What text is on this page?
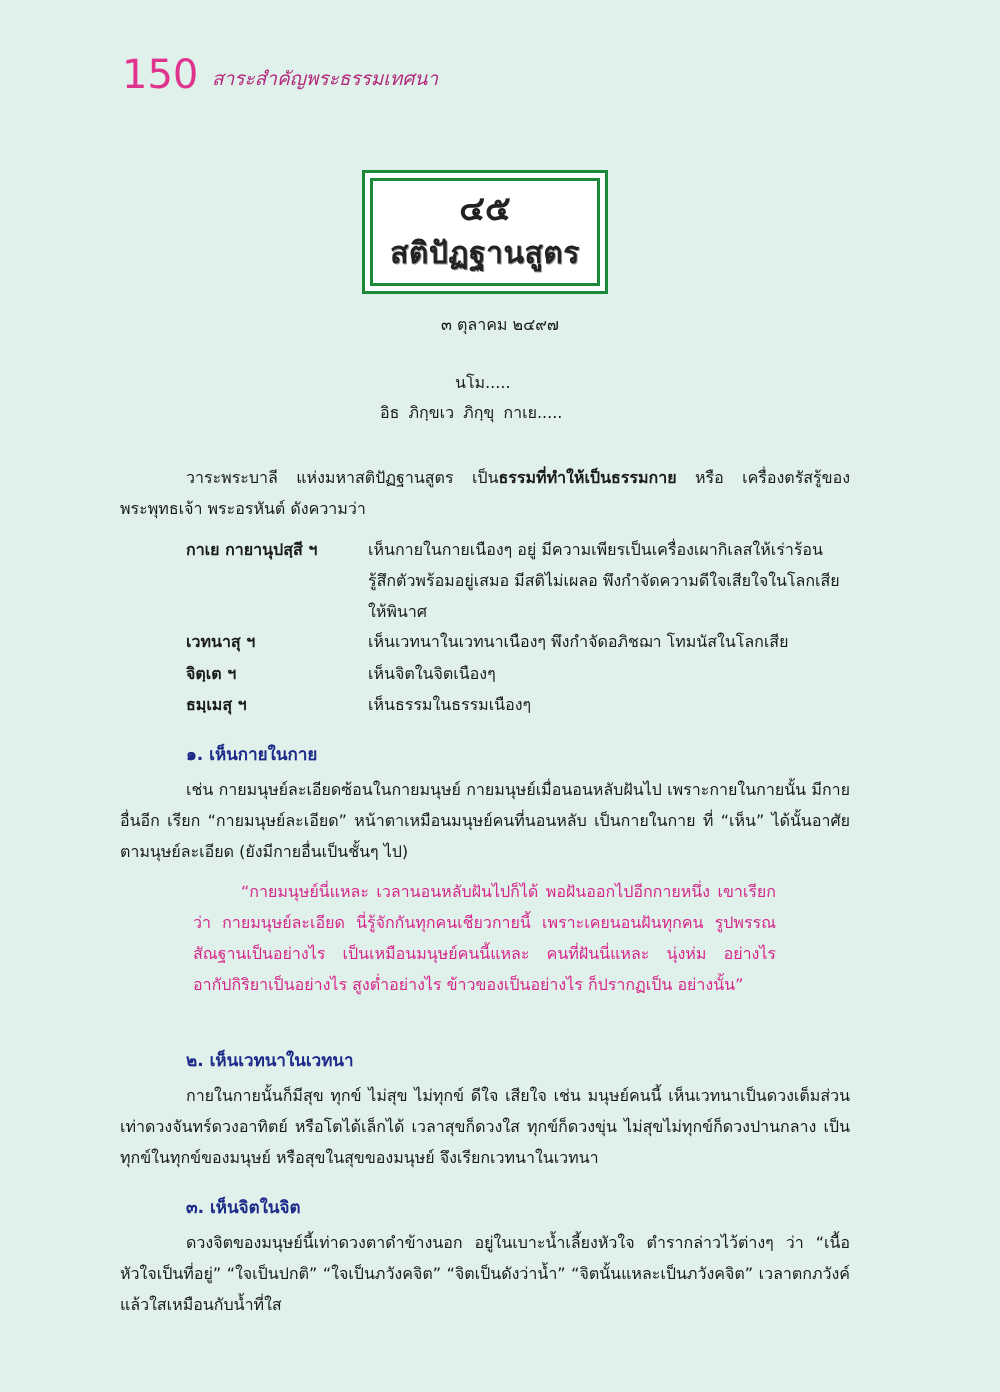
150 สาระสำคัญพระธรรมเทศนา
๔๕
สติปัฏฐานสูตร
๓ ตุลาคม ๒๔๙๗
นโม.....
อิธ ภิกฺขเว ภิกฺขุ กาเย.....
วาระพระบาลี แห่งมหาสติปัฏฐานสูตร เป็นธรรมที่ทำให้เป็นธรรมกาย หรือ เครื่องตรัสรู้ของพระพุทธเจ้า พระอรหันต์ ดังความว่า
กาเย กายานุปสฺสี ฯ	เห็นกายในกายเนืองๆ อยู่ มีความเพียรเป็นเครื่องเผากิเลสให้เร่าร้อน รู้สึกตัวพร้อมอยู่เสมอ มีสติไม่เผลอ พึงกำจัดความดีใจเสียใจในโลกเสียให้พินาศ
เวทนาสุ ฯ	เห็นเวทนาในเวทนาเนืองๆ พึงกำจัดอภิชฌา โทมนัสในโลกเสีย
จิตฺเต ฯ	เห็นจิตในจิตเนืองๆ
ธมฺเมสุ ฯ	เห็นธรรมในธรรมเนืองๆ
๑. เห็นกายในกาย
เช่น กายมนุษย์ละเอียดซ้อนในกายมนุษย์ กายมนุษย์เมื่อนอนหลับฝันไป เพราะกายในกายนั้น มีกายอื่นอีก เรียก “กายมนุษย์ละเอียด” หน้าตาเหมือนมนุษย์คนที่นอนหลับ เป็นกายในกาย ที่ “เห็น” ได้นั้นอาศัยตามนุษย์ละเอียด (ยังมีกายอื่นเป็นชั้นๆ ไป)
“กายมนุษย์นี่แหละ เวลานอนหลับฝันไปก็ได้ พอฝันออกไปอีกกายหนึ่ง เขาเรียกว่า กายมนุษย์ละเอียด นี่รู้จักกันทุกคนเชียวกายนี้ เพราะเคยนอนฝันทุกคน รูปพรรณสัณฐานเป็นอย่างไร เป็นเหมือนมนุษย์คนนี้แหละ คนที่ฝันนี่แหละ นุ่งห่ม อย่างไร อากัปกิริยาเป็นอย่างไร สูงต่ำอย่างไร ข้าวของเป็นอย่างไร ก็ปรากฏเป็น อย่างนั้น”
๒. เห็นเวทนาในเวทนา
กายในกายนั้นก็มีสุข ทุกข์ ไม่สุข ไม่ทุกข์ ดีใจ เสียใจ เช่น มนุษย์คนนี้ เห็นเวทนาเป็นดวงเต็มส่วนเท่าดวงจันทร์ดวงอาทิตย์ หรือโตได้เล็กได้ เวลาสุขก็ดวงใส ทุกข์ก็ดวงขุ่น ไม่สุขไม่ทุกข์ก็ดวงปานกลาง เป็นทุกข์ในทุกข์ของมนุษย์ หรือสุขในสุขของมนุษย์ จึงเรียกเวทนาในเวทนา
๓. เห็นจิตในจิต
ดวงจิตของมนุษย์นี้เท่าดวงตาดำข้างนอก อยู่ในเบาะน้ำเลี้ยงหัวใจ ตำรากล่าวไว้ต่างๆ ว่า “เนื้อหัวใจเป็นที่อยู่” “ใจเป็นปกติ” “ใจเป็นภวังคจิต” “จิตเป็นดังว่าน้ำ” “จิตนั้นแหละเป็นภวังคจิต” เวลาตกภวังค์แล้วใสเหมือนกับน้ำที่ใส
